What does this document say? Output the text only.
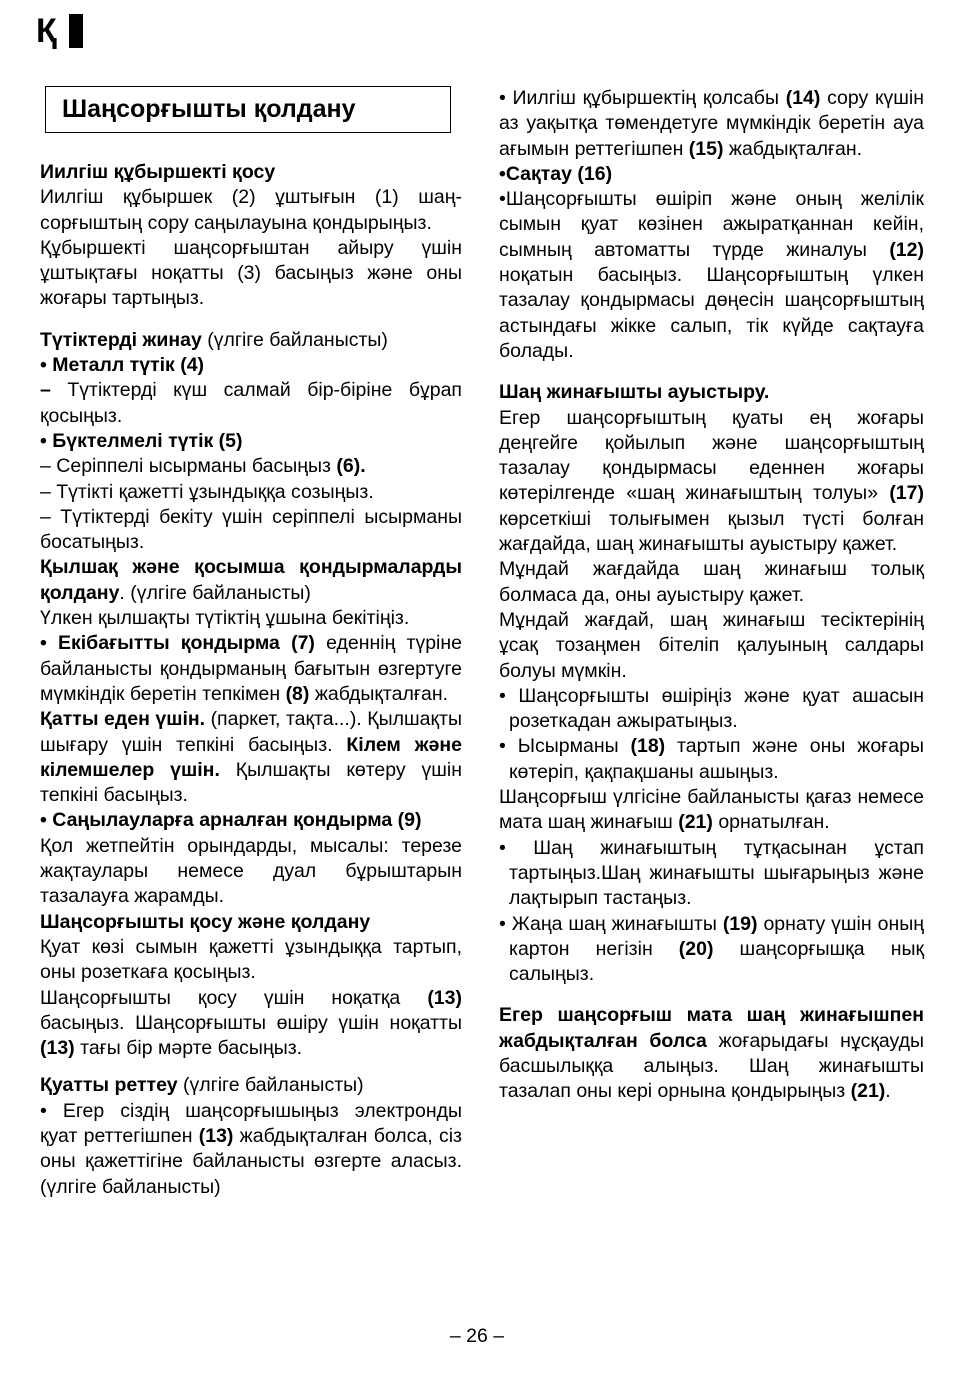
Қ
Шаңсорғышты қолдану

Иилгіш құбыршекті қосу

Иилгіш құбыршек (2) ұштығын (1) шаң-сорғыштың сору саңылауына қондырыңыз.

Құбыршекті шаңсорғыштан айыру үшін ұштықтағы ноқатты (3) басыңыз және оны жоғары тартыңыз.

Түтіктерді жинау (үлгіге байланысты)

• Металл түтік (4)

– Түтіктерді күш салмай бір-біріне бұрап қосыңыз.

• Бүктелмелі түтік (5)

– Серіппелі ысырманы басыңыз (6).

– Түтікті қажетті ұзындыққа созыңыз.

– Түтіктерді бекіту үшін серіппелі ысырманы босатыңыз.

Қылшақ және қосымша қондырмаларды қолдану. (үлгіге байланысты)

Үлкен қылшақты түтіктің ұшына бекітіңіз.

• Екібағытты қондырма (7) еденнің түріне байланысты қондырманың бағытын өзгертуге мүмкіндік беретін тепкімен (8) жабдықталған.

Қатты еден үшін. (паркет, тақта...). Қылшақты шығару үшін тепкіні басыңыз. Кілем және кілемшелер үшін. Қылшақты көтеру үшін тепкіні басыңыз.

• Саңылауларға арналған қондырма (9)

Қол жетпейтін орындарды, мысалы: терезе жақтаулары немесе дуал бұрыштарын тазалауға жарамды.

Шаңсорғышты қосу және қолдану

Қуат көзі сымын қажетті ұзындыққа тартып, оны розеткаға қосыңыз.

Шаңсорғышты қосу үшін ноқатқа (13) басыңыз. Шаңсорғышты өшіру үшін ноқатты (13) тағы бір мәрте басыңыз.

Қуатты реттеу (үлгіге байланысты)

• Егер сіздің шаңсорғышыңыз электронды қуат реттегішпен (13) жабдықталған болса, сіз оны қажеттігіне байланысты өзгерте аласыз. (үлгіге байланысты)

• Иилгіш құбыршектің қолсабы (14) сору күшін аз уақытқа төмендетуге мүмкіндік беретін ауа ағымын реттегішпен (15) жабдықталған.

•Сақтау (16)

•Шаңсорғышты өшіріп және оның желілік сымын қуат көзінен ажыратқаннан кейін, сымның автоматты түрде жиналуы (12) ноқатын басыңыз. Шаңсорғыштың үлкен тазалау қондырмасы дөңесін шаңсорғыштың астындағы жікке салып, тік күйде сақтауға болады.

Шаң жинағышты ауыстыру.

Егер шаңсорғыштың қуаты ең жоғары деңгейге қойылып және шаңсорғыштың тазалау қондырмасы еденнен жоғары көтерілгенде «шаң жинағыштың толуы» (17) көрсеткіші толығымен қызыл түсті болған жағдайда, шаң жинағышты ауыстыру қажет.

Мұндай жағдайда шаң жинағыш толық болмаса да, оны ауыстыру қажет.

Мұндай жағдай, шаң жинағыш тесіктерінің ұсақ тозаңмен бітеліп қалуының салдары болуы мүмкін.

• Шаңсорғышты өшіріңіз және қуат ашасын розеткадан ажыратыңыз.

• Ысырманы (18) тартып және оны жоғары көтеріп, қақпақшаны ашыңыз.

Шаңсорғыш үлгісіне байланысты қағаз немесе мата шаң жинағыш (21) орнатылған.

• Шаң жинағыштың тұтқасынан ұстап тартыңыз.Шаң жинағышты шығарыңыз және лақтырып тастаңыз.

• Жаңа шаң жинағышты (19) орнату үшін оның картон негізін (20) шаңсорғышқа нық салыңыз.

Егер шаңсорғыш мата шаң жинағышпен жабдықталған болса жоғарыдағы нұсқауды басшылыққа алыңыз. Шаң жинағышты тазалап оны кері орнына қондырыңыз (21).

– 26 –
